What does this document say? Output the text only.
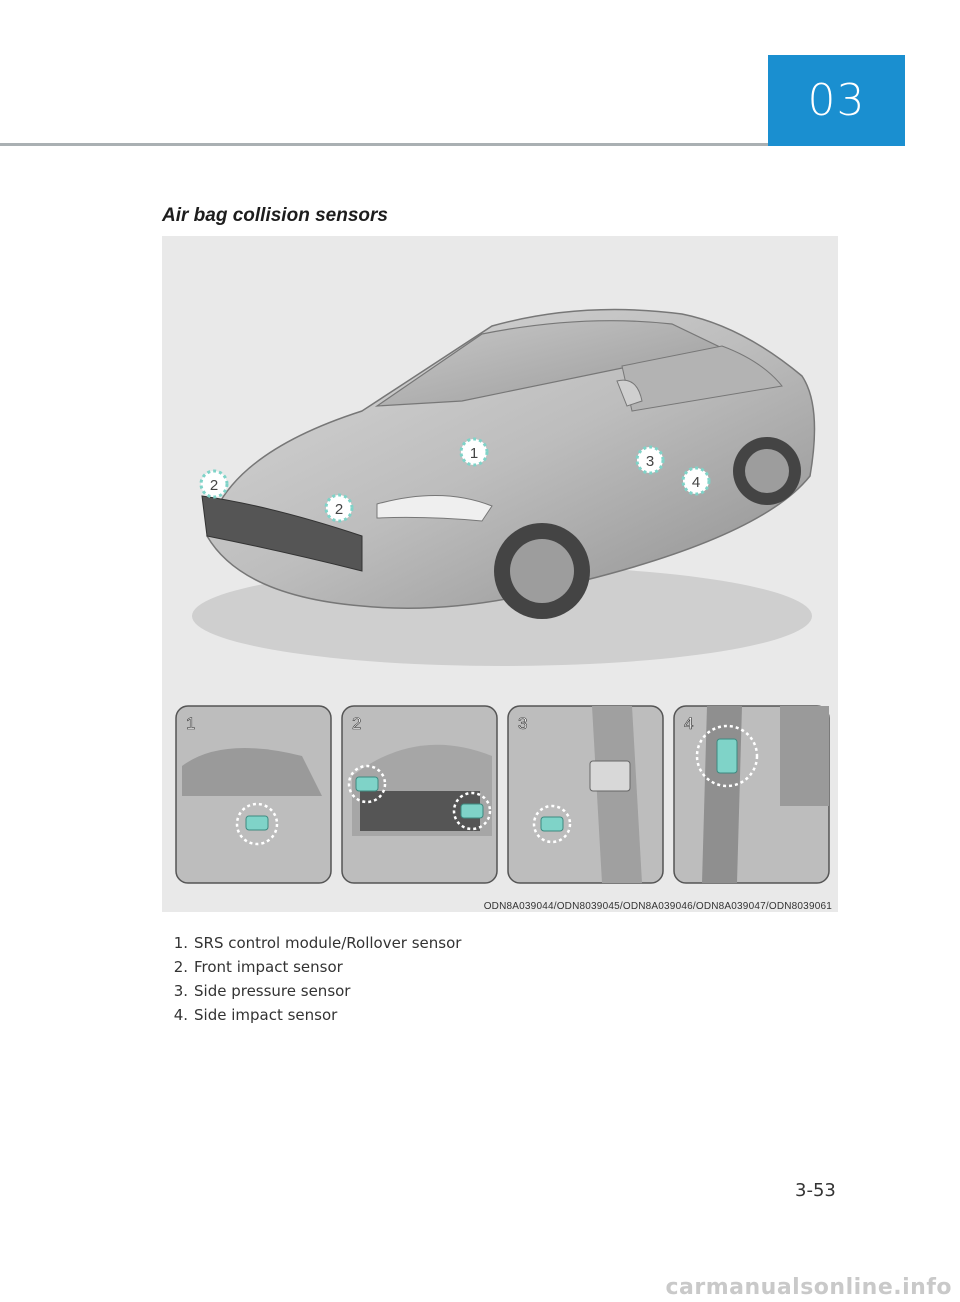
03
Air bag collision sensors
1
2
2
3
4
1	2	3	4
ODN8A039044/ODN8039045/ODN8A039046/ODN8A039047/ODN8039061
1. SRS control module/Rollover sensor
2. Front impact sensor
3. Side pressure sensor
4. Side impact sensor
3-53
carmanualsonline.info
